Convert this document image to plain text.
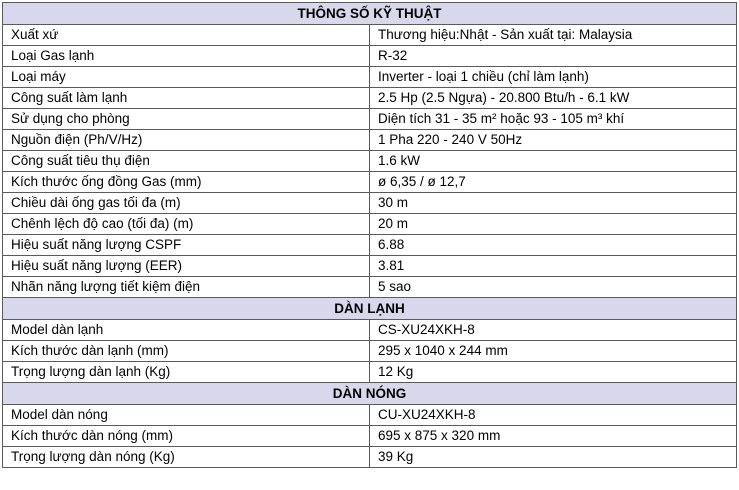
THÔNG SỐ KỸ THUẬT	
Xuất xứ	Thương hiệu:Nhật - Sản xuất tại: Malaysia
Loại Gas lạnh	R-32
Loại máy	Inverter - loại 1 chiều (chỉ làm lạnh)
Công suất làm lạnh	2.5 Hp (2.5 Ngựa) - 20.800 Btu/h - 6.1 kW
Sử dụng cho phòng	Diện tích 31 - 35 m² hoặc 93 - 105 m³ khí
Nguồn điện (Ph/V/Hz)	1 Pha 220 - 240 V 50Hz
Công suất tiêu thụ điện	1.6 kW
Kích thước ống đồng Gas (mm)	ø 6,35 / ø 12,7
Chiều dài ống gas tối đa (m)	30 m
Chênh lệch độ cao (tối đa) (m)	20 m
Hiệu suất năng lượng CSPF	6.88
Hiệu suất năng lượng (EER)	3.81
Nhãn năng lượng tiết kiệm điện	5 sao
DÀN LẠNH	
Model dàn lạnh	CS-XU24XKH-8
Kích thước dàn lạnh (mm)	295 x 1040 x 244 mm
Trọng lượng dàn lạnh (Kg)	12 Kg
DÀN NÓNG	
Model dàn nóng	CU-XU24XKH-8
Kích thước dàn nóng (mm)	695 x 875 x 320 mm
Trọng lượng dàn nóng (Kg)	39 Kg
